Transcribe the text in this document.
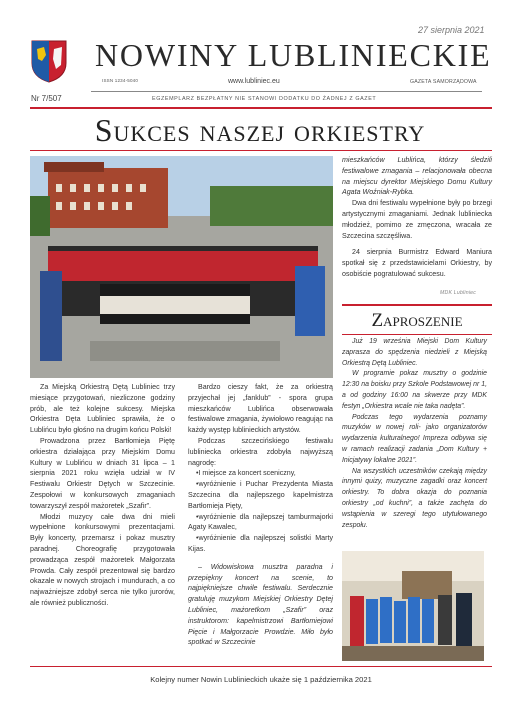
NOWINY LUBLINIECKIE
27 sierpnia 2021
ISSN 1234-5040	www.lubliniec.eu	GAZETA SAMORZĄDOWA
Nr 7/507	EGZEMPLARZ BEZPŁATNY NIE STANOWI DODATKU DO ŻADNEJ Z GAZET
Sukces naszej orkiestry

Za Miejską Orkiestrą Dętą Lubliniec trzy miesiące przygotowań, niezliczone godziny prób, ale też kolejne sukcesy. Miejska Orkiestra Dęta Lubliniec sprawiła, że o Lublińcu było głośno na drugim końcu Polski!

Prowadzona przez Bartłomieja Piętę orkiestra działająca przy Miejskim Domu Kultury w Lublińcu w dniach 31 lipca – 1 sierpnia 2021 roku wzięła udział w IV Festiwalu Orkiestr Dętych w Szczecinie. Zespołowi w konkursowych zmaganiach towarzyszył zespół mażoretek „Szafir”.

Młodzi muzycy całe dwa dni mieli wypełnione konkursowymi prezentacjami. Były koncerty, przemarsz i pokaz musztry paradnej. Choreografię przygotowała prowadząca zespół mażoretek Małgorzata Prowda. Cały zespół prezentował się bardzo okazale w nowych strojach i mundurach, a co najważniejsze zdobył serca nie tylko jurorów, ale również publiczności.

Bardzo cieszy fakt, że za orkiestrą przyjechał jej „fanklub” - spora grupa mieszkańców Lublińca obserwowała festiwalowe zmagania, żywiołowo reagując na każdy występ lublinieckich artystów.

Podczas szczecińskiego festiwalu lubliniecka orkiestra zdobyła najwyższą nagrodę:

• I miejsce za koncert sceniczny,
• wyróżnienie i Puchar Prezydenta Miasta Szczecina dla najlepszego kapelmistrza Bartłomieja Pięty,
• wyróżnienie dla najlepszej tamburmajorki Agaty Kawalec,
• wyróżnienie dla najlepszej solistki Marty Kijas.

– Widowiskowa musztra paradna i przepiękny koncert na scenie, to najpiękniejsze chwile festiwalu. Serdecznie gratuluję muzykom Miejskiej Orkiestry Dętej Lubliniec, mażoretkom „Szafir” oraz instruktorom: kapelmistrzowi Bartłomiejowi Pięcie i Małgorzacie Prowdzie. Miło było spotkać w Szczecinie

mieszkańców Lublińca, którzy śledzili festiwalowe zmagania – relacjonowała obecna na miejscu dyrektor Miejskiego Domu Kultury Agata Woźniak-Rybka.

Dwa dni festiwalu wypełnione były po brzegi artystycznymi zmaganiami. Jednak lubliniecka młodzież, pomimo ze zmęczona, wracała ze Szczecina szczęśliwa.

24 sierpnia Burmistrz Edward Maniura spotkał się z przedstawicielami Orkiestry, by osobiście pogratulować sukcesu.

MDK Lubliniec
Zaproszenie

Już 19 września Miejski Dom Kultury zaprasza do spędzenia niedzieli z Miejską Orkiestrą Dętą Lubliniec.

W programie pokaz musztry o godzinie 12:30 na boisku przy Szkole Podstawowej nr 1, a od godziny 16:00 na skwerze przy MDK festyn „Orkiestra wcale nie taka nadęta”.

Podczas tego wydarzenia poznamy muzyków w nowej roli- jako organizatorów wydarzenia kulturalnego! Impreza odbywa się w ramach realizacji zadania „Dom Kultury + Inicjatywy lokalne 2021”.

Na wszystkich uczestników czekają między innymi quizy, muzyczne zagadki oraz koncert orkiestry. To dobra okazja do poznania orkiestry „od kuchni”, a także zachęta do wstąpienia w szeregi tego utytułowanego zespołu.

Kolejny numer Nowin Lublinieckich ukaże się 1 października 2021
